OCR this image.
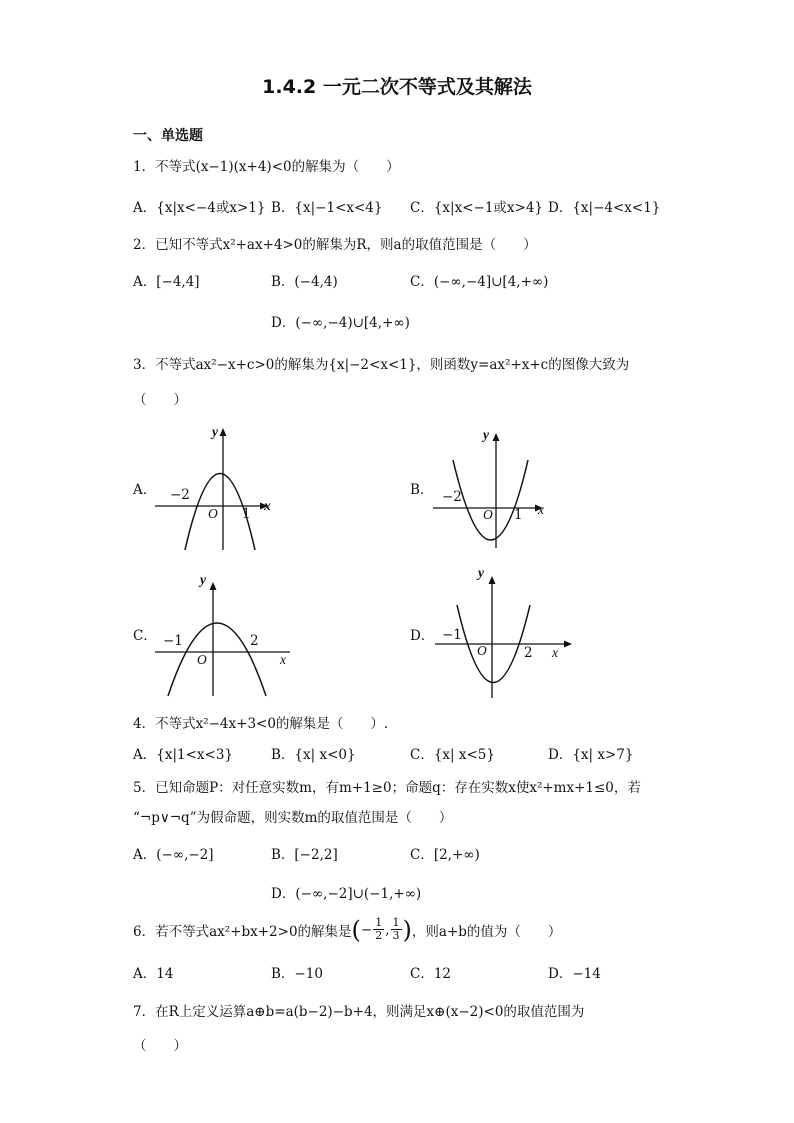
1.4.2 一元二次不等式及其解法
一、单选题
1．不等式(x−1)(x+4)<0的解集为（　　）
A．{x|x<−4或x>1} B．{x|−1<x<4} C．{x|x<−1或x>4} D．{x|−4<x<1}
2．已知不等式x²+ax+4>0的解集为R，则a的取值范围是（　　）
A．[−4,4]	B．(−4,4)	C．(−∞,−4]∪[4,+∞)
D．(−∞,−4)∪[4,+∞)
3．不等式ax²−x+c>0的解集为{x|−2<x<1}，则函数y=ax²+x+c的图像大致为
（　　）
A．	B．
C．	D．
y
x
O
−2
1
y
x
O
−2
1
y
x
O
−1	2
y
x
O
−1
2
4．不等式x²−4x+3<0的解集是（　　）.
A．{x|1<x<3}	B．{x| x<0}	C．{x| x<5}	D．{x| x>7}
5．已知命题P：对任意实数m，有m+1≥0；命题q：存在实数x使x²+mx+1≤0，若
“¬p∨¬q”为假命题，则实数m的取值范围是（　　）
A．(−∞,−2]	B．[−2,2]	C．[2,+∞)
D．(−∞,−2]∪(−1,+∞)
6．若不等式ax²+bx+2>0的解集是 ( − $\frac{1}{2}$ , $\frac{1}{3}$ ) ，则a+b的值为（　　）
A．14	B．−10	C．12	D．−14
7．在R上定义运算a⊕b=a(b−2)−b+4，则满足x⊕(x−2)<0的取值范围为
（　　）
